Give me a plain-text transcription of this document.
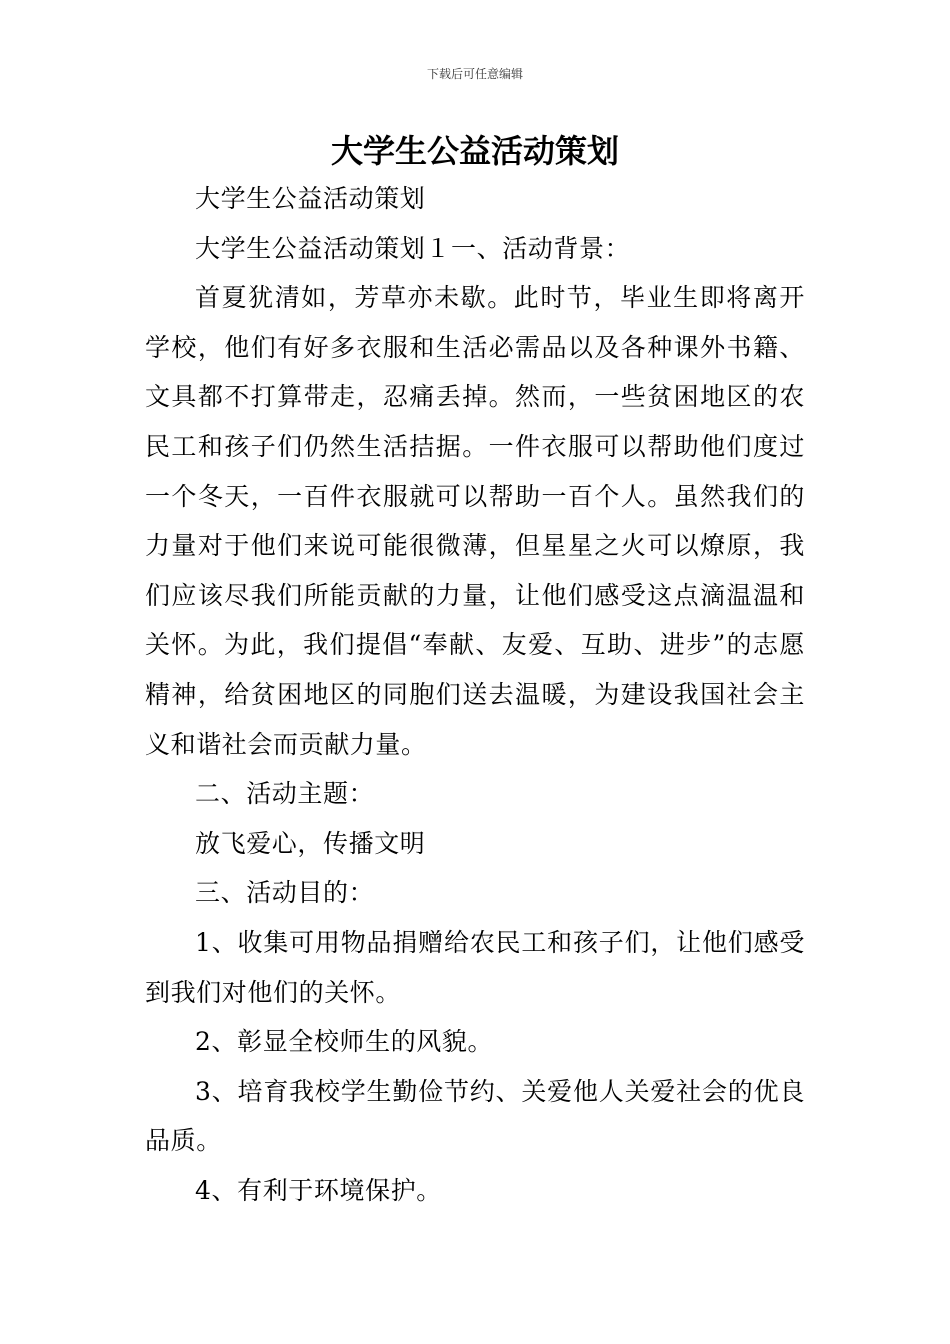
下载后可任意编辑
大学生公益活动策划

大学生公益活动策划

大学生公益活动策划１一、活动背景：

首夏犹清如，芳草亦未歇。此时节，毕业生即将离开学校，他们有好多衣服和生活必需品以及各种课外书籍、文具都不打算带走，忍痛丢掉。然而，一些贫困地区的农民工和孩子们仍然生活拮据。一件衣服可以帮助他们度过一个冬天，一百件衣服就可以帮助一百个人。虽然我们的力量对于他们来说可能很微薄，但星星之火可以燎原，我们应该尽我们所能贡献的力量，让他们感受这点滴温温和关怀。为此，我们提倡“奉献、友爱、互助、进步”的志愿精神，给贫困地区的同胞们送去温暖，为建设我国社会主义和谐社会而贡献力量。

二、活动主题：

放飞爱心，传播文明

三、活动目的：

1、收集可用物品捐赠给农民工和孩子们，让他们感受到我们对他们的关怀。

2、彰显全校师生的风貌。

3、培育我校学生勤俭节约、关爱他人关爱社会的优良品质。

4、有利于环境保护。
